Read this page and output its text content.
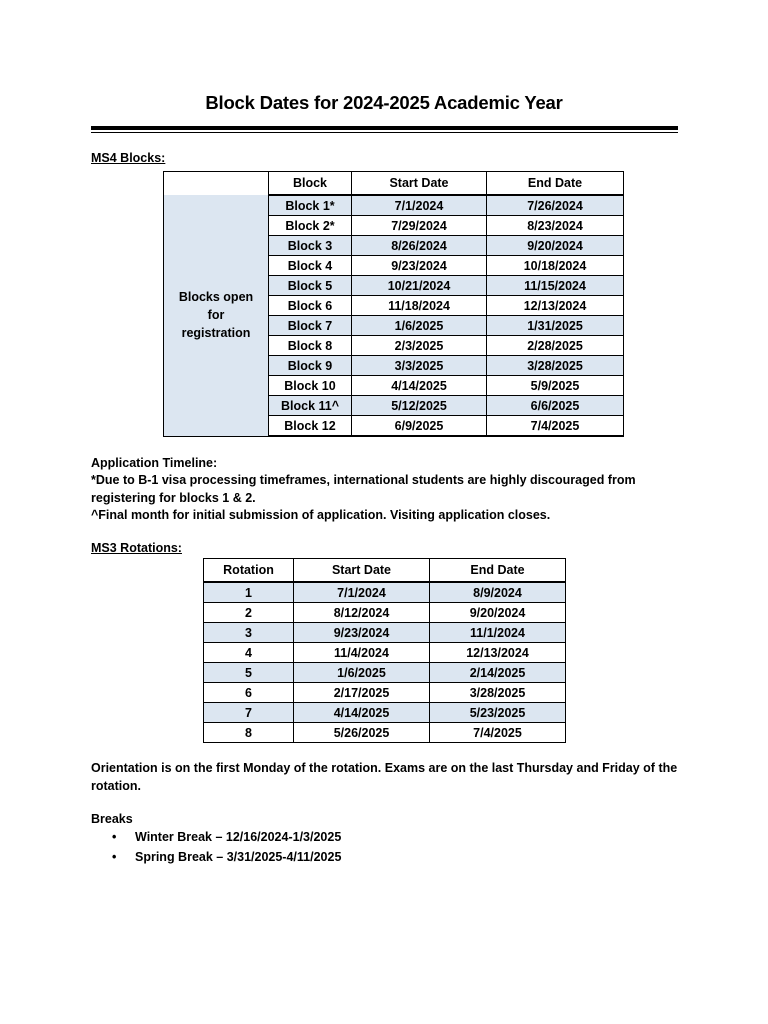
Block Dates for 2024-2025 Academic Year
MS4 Blocks:
	Block	Start Date	End Date
Blocks open for registration	Block 1*	7/1/2024	7/26/2024
	Block 2*	7/29/2024	8/23/2024
	Block 3	8/26/2024	9/20/2024
	Block 4	9/23/2024	10/18/2024
	Block 5	10/21/2024	11/15/2024
	Block 6	11/18/2024	12/13/2024
	Block 7	1/6/2025	1/31/2025
	Block 8	2/3/2025	2/28/2025
	Block 9	3/3/2025	3/28/2025
	Block 10	4/14/2025	5/9/2025
	Block 11^	5/12/2025	6/6/2025
	Block 12	6/9/2025	7/4/2025
Application Timeline:
*Due to B-1 visa processing timeframes, international students are highly discouraged from registering for blocks 1 & 2.
^Final month for initial submission of application. Visiting application closes.
MS3 Rotations:
Rotation	Start Date	End Date
1	7/1/2024	8/9/2024
2	8/12/2024	9/20/2024
3	9/23/2024	11/1/2024
4	11/4/2024	12/13/2024
5	1/6/2025	2/14/2025
6	2/17/2025	3/28/2025
7	4/14/2025	5/23/2025
8	5/26/2025	7/4/2025
Orientation is on the first Monday of the rotation. Exams are on the last Thursday and Friday of the rotation.
Breaks
• Winter Break – 12/16/2024-1/3/2025
• Spring Break – 3/31/2025-4/11/2025
